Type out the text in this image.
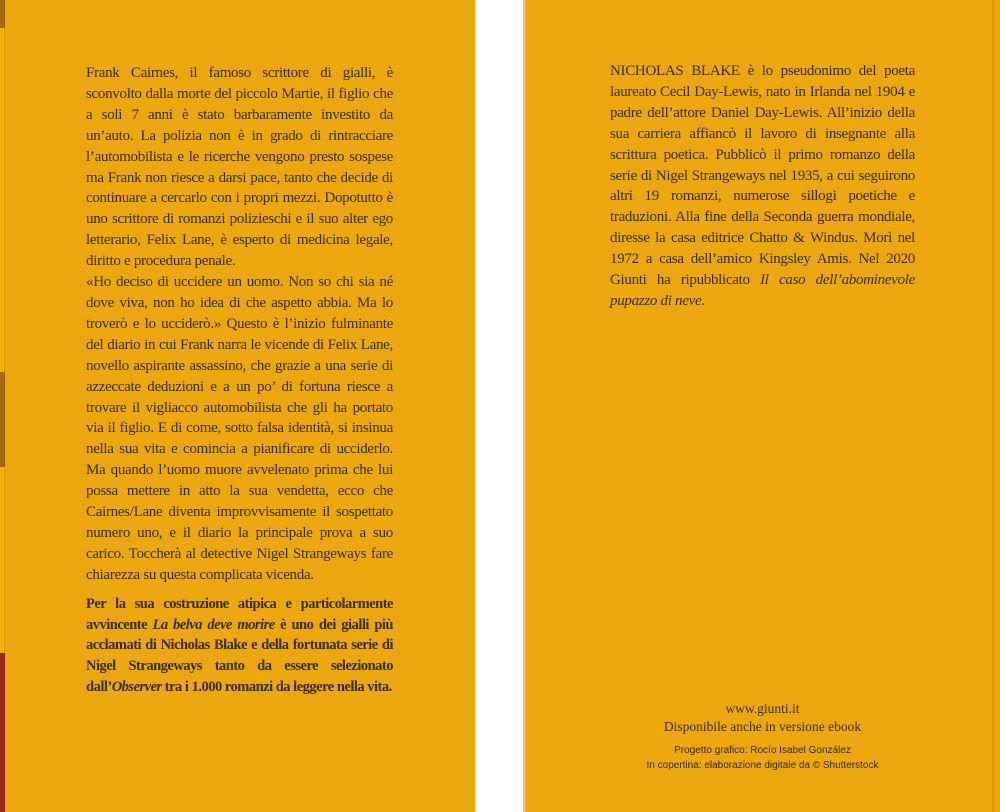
Frank Cairnes, il famoso scrittore di gialli, è sconvolto dalla morte del piccolo Martie, il figlio che a soli 7 anni è stato barbaramente investito da un’auto. La polizia non è in grado di rintracciare l’automobilista e le ricerche vengono presto sospese ma Frank non riesce a darsi pace, tanto che decide di continuare a cercarlo con i propri mezzi. Dopotutto è uno scrittore di romanzi polizieschi e il suo alter ego letterario, Felix Lane, è esperto di medicina legale, diritto e procedura penale.

«Ho deciso di uccidere un uomo. Non so chi sia né dove viva, non ho idea di che aspetto abbia. Ma lo troverò e lo ucciderò.» Questo è l’inizio fulminante del diario in cui Frank narra le vicende di Felix Lane, novello aspirante assassino, che grazie a una serie di azzeccate deduzioni e a un po’ di fortuna riesce a trovare il vigliacco automobilista che gli ha portato via il figlio. E di come, sotto falsa identità, si insinua nella sua vita e comincia a pianificare di ucciderlo. Ma quando l’uomo muore avvelenato prima che lui possa mettere in atto la sua vendetta, ecco che Cairnes/Lane diventa improvvisamente il sospettato numero uno, e il diario la principale prova a suo carico. Toccherà al detective Nigel Strangeways fare chiarezza su questa complicata vicenda.

Per la sua costruzione atipica e particolarmente avvincente La belva deve morire è uno dei gialli più acclamati di Nicholas Blake e della fortunata serie di Nigel Strangeways tanto da essere selezionato dall’Observer tra i 1.000 romanzi da leggere nella vita.

NICHOLAS BLAKE è lo pseudonimo del poeta laureato Cecil Day-Lewis, nato in Irlanda nel 1904 e padre dell’attore Daniel Day-Lewis. All’inizio della sua carriera affiancò il lavoro di insegnante alla scrittura poetica. Pubblicò il primo romanzo della serie di Nigel Strangeways nel 1935, a cui seguirono altri 19 romanzi, numerose sillogi poetiche e traduzioni. Alla fine della Seconda guerra mondiale, diresse la casa editrice Chatto & Windus. Morì nel 1972 a casa dell’amico Kingsley Amis. Nel 2020 Giunti ha ripubblicato Il caso dell’abominevole pupazzo di neve.

www.giunti.it
Disponibile anche in versione ebook
Progetto grafico: Rocío Isabel González
In copertina: elaborazione digitale da © Shutterstock
